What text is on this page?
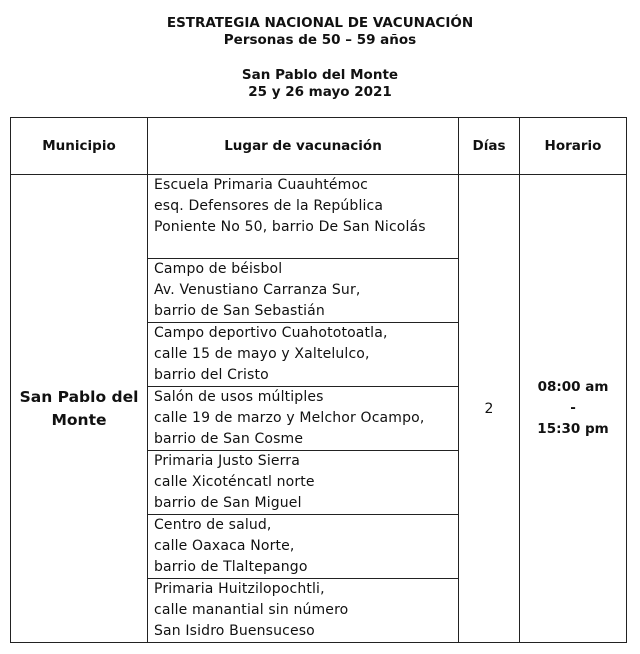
ESTRATEGIA NACIONAL DE VACUNACIÓN
Personas de 50 – 59 años
San Pablo del Monte
25 y 26 mayo 2021
Municipio	Lugar de vacunación	Días	Horario

San Pablo del
Monte	Escuela Primaria Cuauhtémoc
esq. Defensores de la República
Poniente No 50, barrio De San Nicolás	2	08:00 am
-
15:30 pm

	Campo de béisbol
Av. Venustiano Carranza Sur,
barrio de San Sebastián		

	Campo deportivo Cuahototoatla,
calle 15 de mayo y Xaltelulco,
barrio del Cristo		

	Salón de usos múltiples
calle 19 de marzo y Melchor Ocampo,
barrio de San Cosme		

	Primaria Justo Sierra
calle Xicoténcatl norte
barrio de San Miguel		

	Centro de salud,
calle Oaxaca Norte,
barrio de Tlaltepango		

	Primaria Huitzilopochtli,
calle manantial sin número
San Isidro Buensuceso		
